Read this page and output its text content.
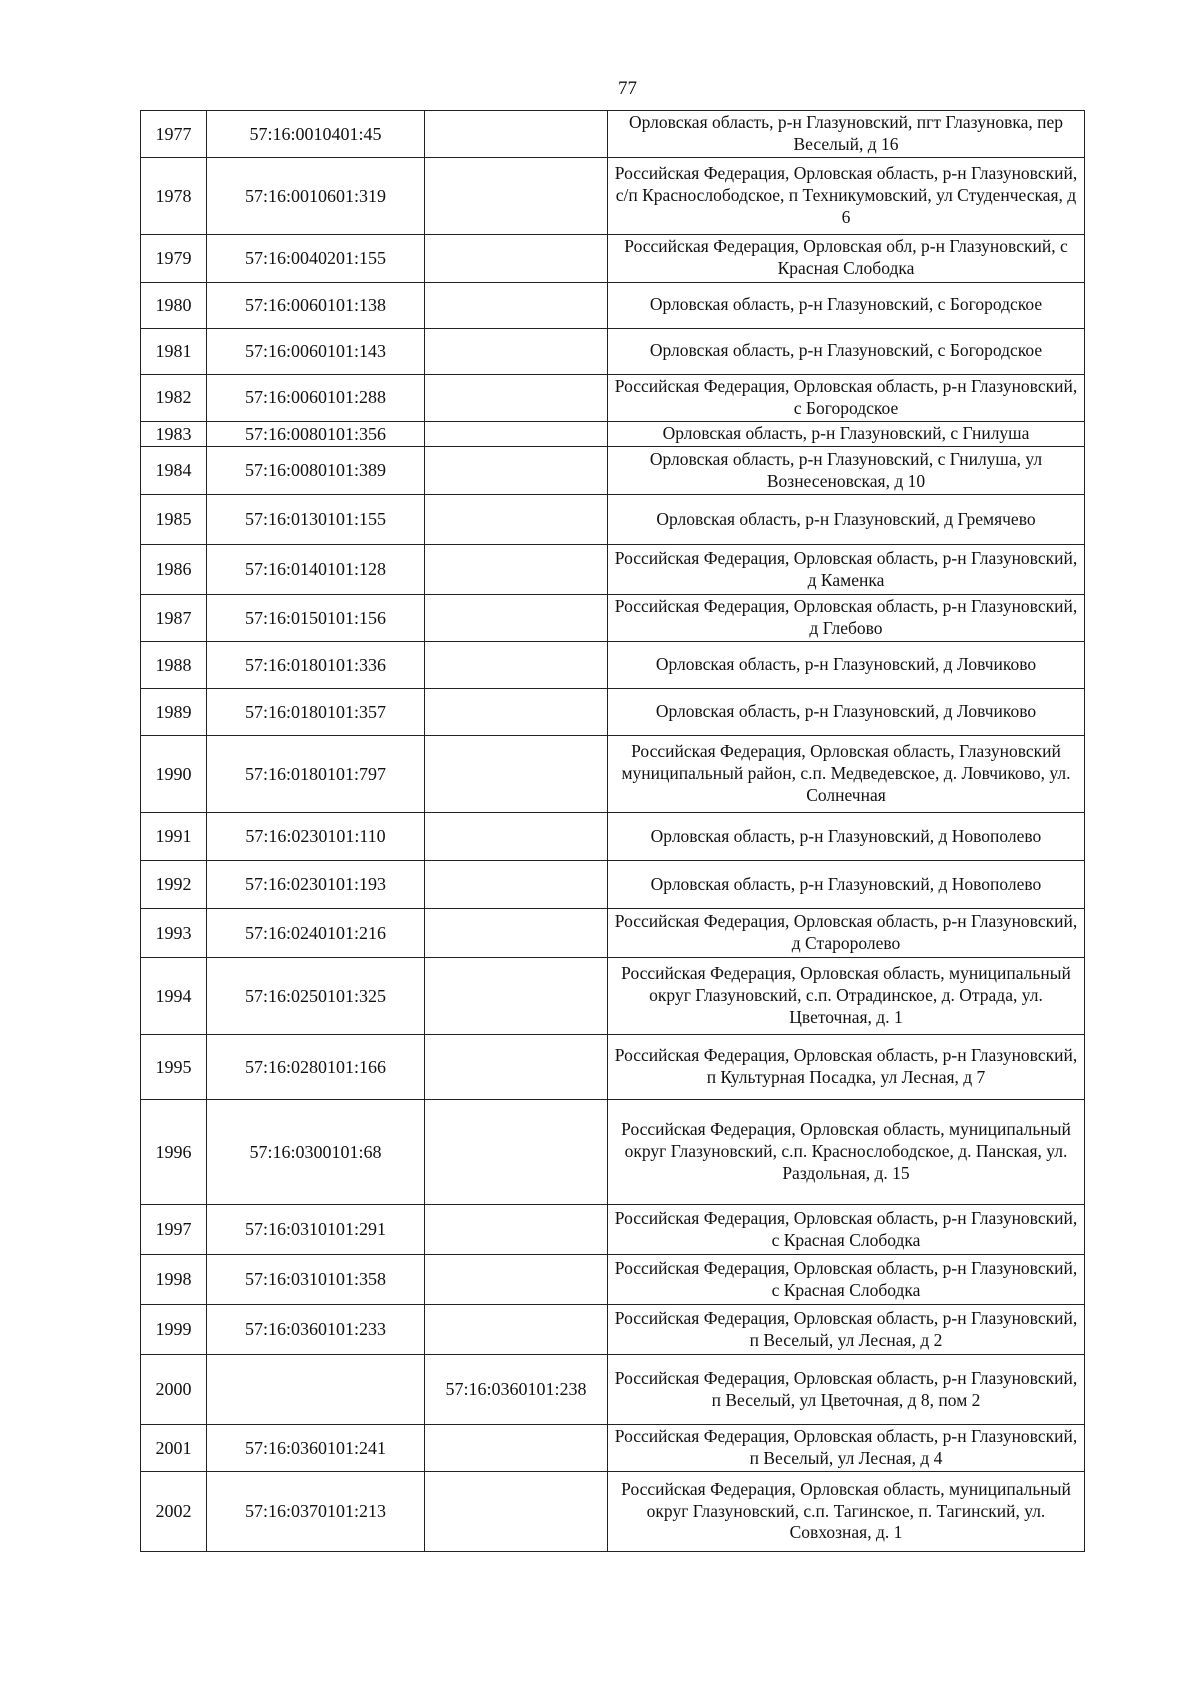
77
1977	57:16:0010401:45		Орловская область, р-н Глазуновский, пгт Глазуновка, пер Веселый, д 16
1978	57:16:0010601:319		Российская Федерация, Орловская область, р-н Глазуновский, с/п Краснослободское, п Техникумовский, ул Студенческая, д 6
1979	57:16:0040201:155		Российская Федерация, Орловская обл, р-н Глазуновский, с Красная Слободка
1980	57:16:0060101:138		Орловская область, р-н Глазуновский, с Богородское
1981	57:16:0060101:143		Орловская область, р-н Глазуновский, с Богородское
1982	57:16:0060101:288		Российская Федерация, Орловская область, р-н Глазуновский, с Богородское
1983	57:16:0080101:356		Орловская область, р-н Глазуновский, с Гнилуша
1984	57:16:0080101:389		Орловская область, р-н Глазуновский, с Гнилуша, ул Вознесеновская, д 10
1985	57:16:0130101:155		Орловская область, р-н Глазуновский, д Гремячево
1986	57:16:0140101:128		Российская Федерация, Орловская область, р-н Глазуновский, д Каменка
1987	57:16:0150101:156		Российская Федерация, Орловская область, р-н Глазуновский, д Глебово
1988	57:16:0180101:336		Орловская область, р-н Глазуновский, д Ловчиково
1989	57:16:0180101:357		Орловская область, р-н Глазуновский, д Ловчиково
1990	57:16:0180101:797		Российская Федерация, Орловская область, Глазуновский муниципальный район, с.п. Медведевское, д. Ловчиково, ул. Солнечная
1991	57:16:0230101:110		Орловская область, р-н Глазуновский, д Новополево
1992	57:16:0230101:193		Орловская область, р-н Глазуновский, д Новополево
1993	57:16:0240101:216		Российская Федерация, Орловская область, р-н Глазуновский, д Староролево
1994	57:16:0250101:325		Российская Федерация, Орловская область, муниципальный округ Глазуновский, с.п. Отрадинское, д. Отрада, ул. Цветочная, д. 1
1995	57:16:0280101:166		Российская Федерация, Орловская область, р-н Глазуновский, п Культурная Посадка, ул Лесная, д 7
1996	57:16:0300101:68		Российская Федерация, Орловская область, муниципальный округ Глазуновский, с.п. Краснослободское, д. Панская, ул. Раздольная, д. 15
1997	57:16:0310101:291		Российская Федерация, Орловская область, р-н Глазуновский, с Красная Слободка
1998	57:16:0310101:358		Российская Федерация, Орловская область, р-н Глазуновский, с Красная Слободка
1999	57:16:0360101:233		Российская Федерация, Орловская область, р-н Глазуновский, п Веселый, ул Лесная, д 2
2000		57:16:0360101:238	Российская Федерация, Орловская область, р-н Глазуновский, п Веселый, ул Цветочная, д 8, пом 2
2001	57:16:0360101:241		Российская Федерация, Орловская область, р-н Глазуновский, п Веселый, ул Лесная, д 4
2002	57:16:0370101:213		Российская Федерация, Орловская область, муниципальный округ Глазуновский, с.п. Тагинское, п. Тагинский, ул. Совхозная, д. 1
